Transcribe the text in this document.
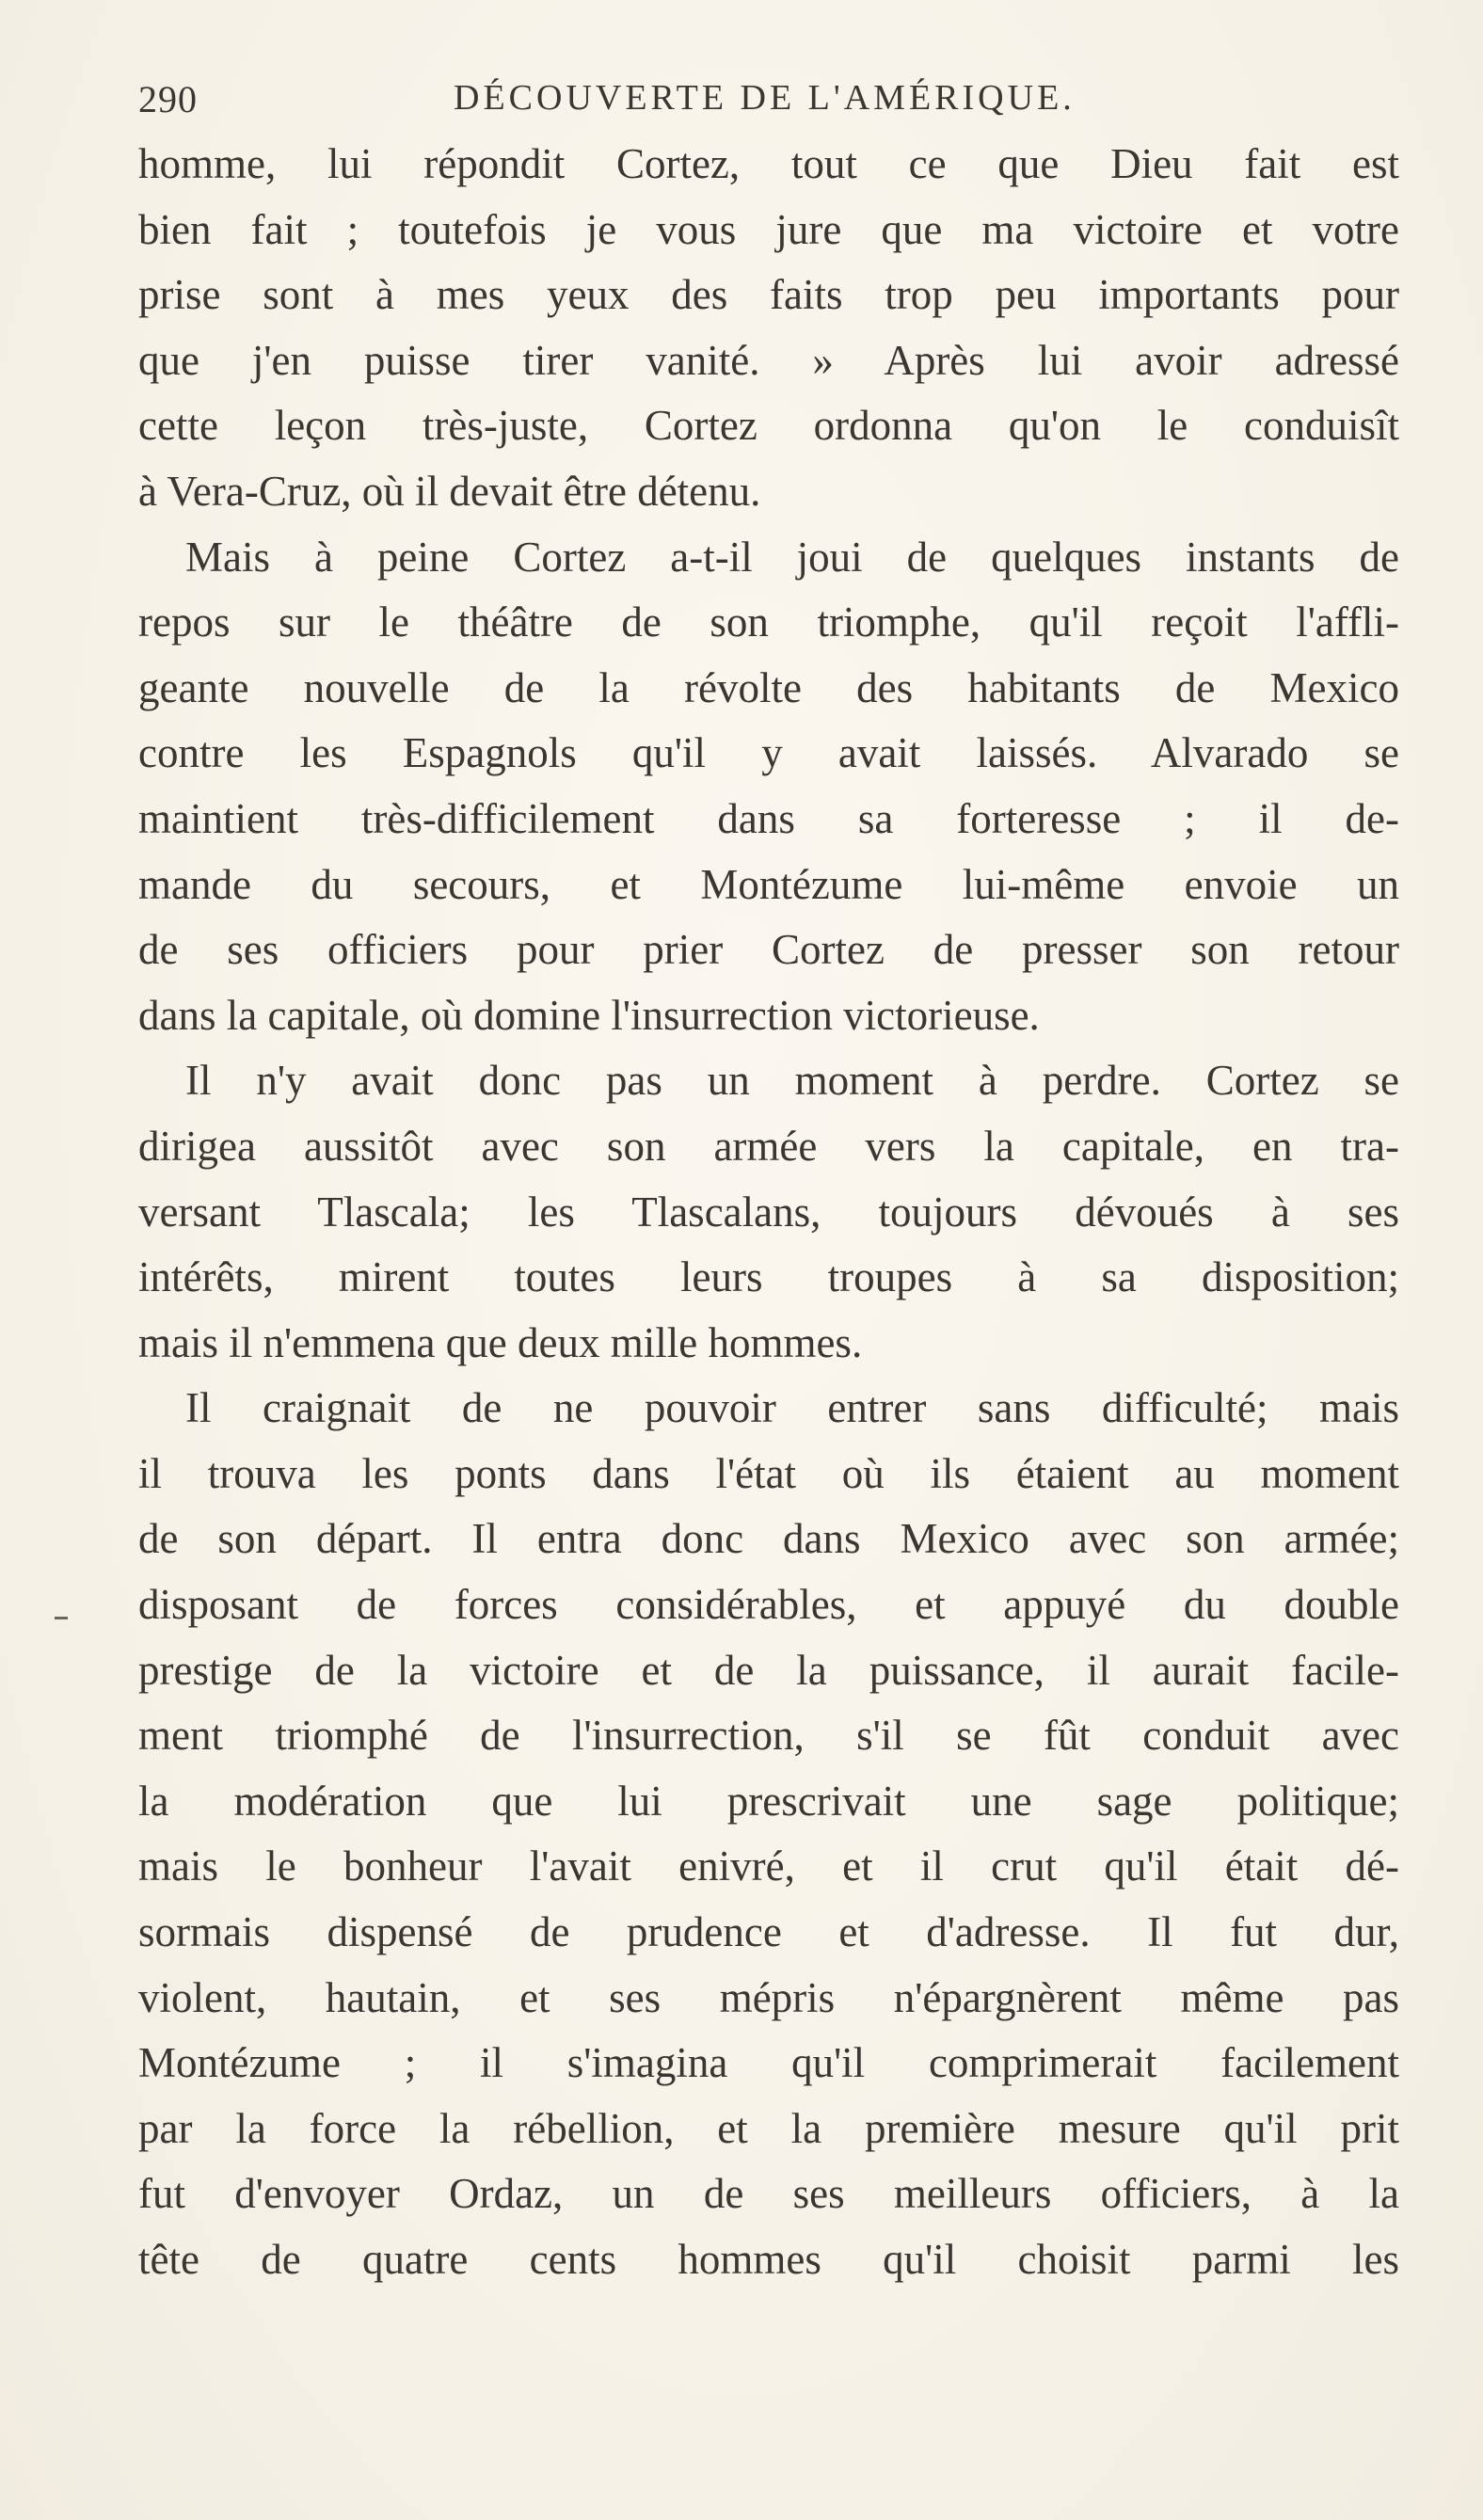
290	DÉCOUVERTE DE L'AMÉRIQUE.
homme, lui répondit Cortez, tout ce que Dieu fait est
bien fait ; toutefois je vous jure que ma victoire et votre
prise sont à mes yeux des faits trop peu importants pour
que j'en puisse tirer vanité. » Après lui avoir adressé
cette leçon très-juste, Cortez ordonna qu'on le conduisît
à Vera-Cruz, où il devait être détenu.
Mais à peine Cortez a-t-il joui de quelques instants de
repos sur le théâtre de son triomphe, qu'il reçoit l'affli-
geante nouvelle de la révolte des habitants de Mexico
contre les Espagnols qu'il y avait laissés. Alvarado se
maintient très-difficilement dans sa forteresse ; il de-
mande du secours, et Montézume lui-même envoie un
de ses officiers pour prier Cortez de presser son retour
dans la capitale, où domine l'insurrection victorieuse.
Il n'y avait donc pas un moment à perdre. Cortez se
dirigea aussitôt avec son armée vers la capitale, en tra-
versant Tlascala; les Tlascalans, toujours dévoués à ses
intérêts, mirent toutes leurs troupes à sa disposition;
mais il n'emmena que deux mille hommes.
Il craignait de ne pouvoir entrer sans difficulté; mais
il trouva les ponts dans l'état où ils étaient au moment
de son départ. Il entra donc dans Mexico avec son armée;
disposant de forces considérables, et appuyé du double
prestige de la victoire et de la puissance, il aurait facile-
ment triomphé de l'insurrection, s'il se fût conduit avec
la modération que lui prescrivait une sage politique;
mais le bonheur l'avait enivré, et il crut qu'il était dé-
sormais dispensé de prudence et d'adresse. Il fut dur,
violent, hautain, et ses mépris n'épargnèrent même pas
Montézume ; il s'imagina qu'il comprimerait facilement
par la force la rébellion, et la première mesure qu'il prit
fut d'envoyer Ordaz, un de ses meilleurs officiers, à la
tête de quatre cents hommes qu'il choisit parmi les
